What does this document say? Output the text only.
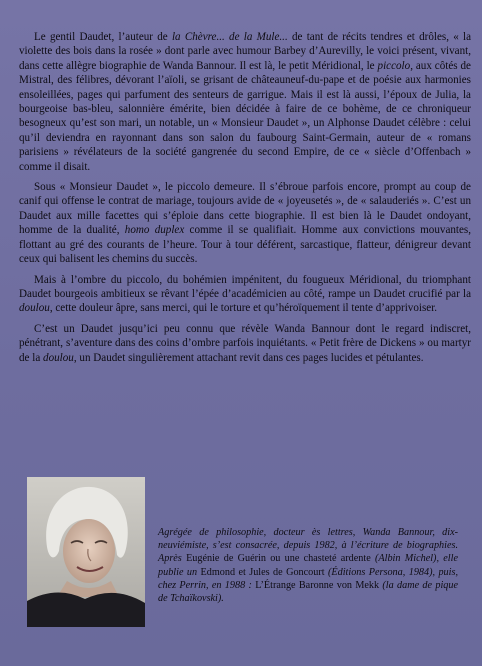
Le gentil Daudet, l’auteur de la Chèvre... de la Mule... de tant de récits tendres et drôles, « la violette des bois dans la rosée » dont parle avec humour Barbey d’Aurevilly, le voici présent, vivant, dans cette allègre biographie de Wanda Bannour. Il est là, le petit Méridional, le piccolo, aux côtés de Mistral, des félibres, dévorant l’aïoli, se grisant de châteauneuf-du-pape et de poésie aux harmonies ensoleillées, pages qui parfument des senteurs de garrigue. Mais il est là aussi, l’époux de Julia, la bourgeoise bas-bleu, salonnière émérite, bien décidée à faire de ce bohème, de ce chroniqueur besogneux qu’est son mari, un notable, un « Monsieur Daudet », un Alphonse Daudet célèbre : celui qu’il deviendra en rayonnant dans son salon du faubourg Saint-Germain, auteur de « romans parisiens » révélateurs de la société gangrenée du second Empire, de ce « siècle d’Offenbach » comme il disait.

Sous « Monsieur Daudet », le piccolo demeure. Il s’ébroue parfois encore, prompt au coup de canif qui offense le contrat de mariage, toujours avide de « joyeusetés », de « salauderiés ». C’est un Daudet aux mille facettes qui s’éploie dans cette biographie. Il est bien là le Daudet ondoyant, homme de la dualité, homo duplex comme il se qualifiait. Homme aux convictions mouvantes, flottant au gré des courants de l’heure. Tour à tour déférent, sarcastique, flatteur, dénigreur devant ceux qui balisent les chemins du succès.

Mais à l’ombre du piccolo, du bohémien impénitent, du fougueux Méridional, du triomphant Daudet bourgeois ambitieux se rêvant l’épée d’académicien au côté, rampe un Daudet crucifié par la doulou, cette douleur âpre, sans merci, qui le torture et qu’héroïquement il tente d’apprivoiser.

C’est un Daudet jusqu’ici peu connu que révèle Wanda Bannour dont le regard indiscret, pénétrant, s’aventure dans des coins d’ombre parfois inquiétants. « Petit frère de Dickens » ou martyr de la doulou, un Daudet singulièrement attachant revit dans ces pages lucides et pétulantes.

Agrégée de philosophie, docteur ès lettres, Wanda Bannour, dix-neuviémiste, s’est consacrée, depuis 1982, à l’écriture de biographies. Après Eugénie de Guérin ou une chasteté ardente (Albin Michel), elle publie un Edmond et Jules de Goncourt (Éditions Persona, 1984), puis, chez Perrin, en 1988 : L’Étrange Baronne von Mekk (la dame de pique de Tchaïkovski).
